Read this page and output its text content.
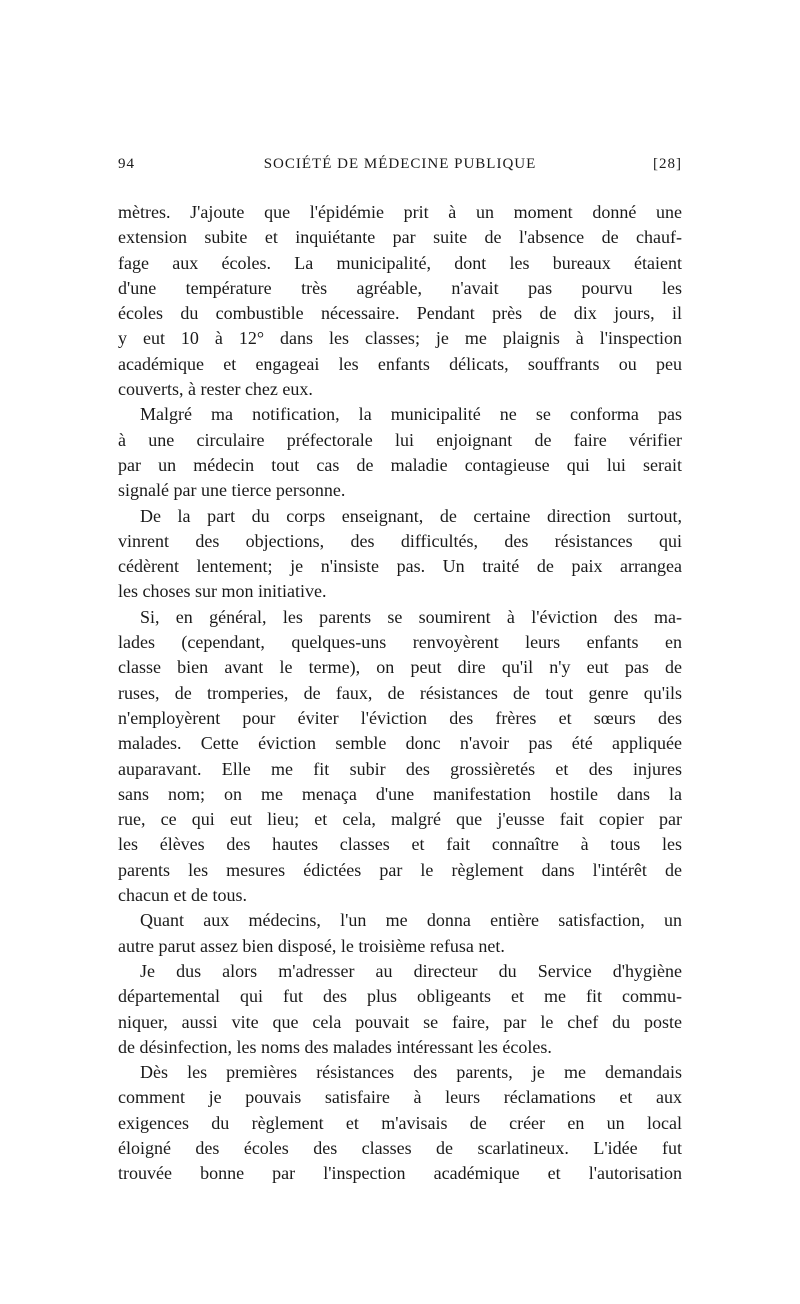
94	SOCIÉTÉ DE MÉDECINE PUBLIQUE	[28]
mètres. J'ajoute que l'épidémie prit à un moment donné une
extension subite et inquiétante par suite de l'absence de chauf-
fage aux écoles. La municipalité, dont les bureaux étaient
d'une température très agréable, n'avait pas pourvu les
écoles du combustible nécessaire. Pendant près de dix jours, il
y eut 10 à 12° dans les classes; je me plaignis à l'inspection
académique et engageai les enfants délicats, souffrants ou peu
couverts, à rester chez eux.
Malgré ma notification, la municipalité ne se conforma pas
à une circulaire préfectorale lui enjoignant de faire vérifier
par un médecin tout cas de maladie contagieuse qui lui serait
signalé par une tierce personne.
De la part du corps enseignant, de certaine direction surtout,
vinrent des objections, des difficultés, des résistances qui
cédèrent lentement; je n'insiste pas. Un traité de paix arrangea
les choses sur mon initiative.
Si, en général, les parents se soumirent à l'éviction des ma-
lades (cependant, quelques-uns renvoyèrent leurs enfants en
classe bien avant le terme), on peut dire qu'il n'y eut pas de
ruses, de tromperies, de faux, de résistances de tout genre qu'ils
n'employèrent pour éviter l'éviction des frères et sœurs des
malades. Cette éviction semble donc n'avoir pas été appliquée
auparavant. Elle me fit subir des grossièretés et des injures
sans nom; on me menaça d'une manifestation hostile dans la
rue, ce qui eut lieu; et cela, malgré que j'eusse fait copier par
les élèves des hautes classes et fait connaître à tous les
parents les mesures édictées par le règlement dans l'intérêt de
chacun et de tous.
Quant aux médecins, l'un me donna entière satisfaction, un
autre parut assez bien disposé, le troisième refusa net.
Je dus alors m'adresser au directeur du Service d'hygiène
départemental qui fut des plus obligeants et me fit commu-
niquer, aussi vite que cela pouvait se faire, par le chef du poste
de désinfection, les noms des malades intéressant les écoles.
Dès les premières résistances des parents, je me demandais
comment je pouvais satisfaire à leurs réclamations et aux
exigences du règlement et m'avisais de créer en un local
éloigné des écoles des classes de scarlatineux. L'idée fut
trouvée bonne par l'inspection académique et l'autorisation
